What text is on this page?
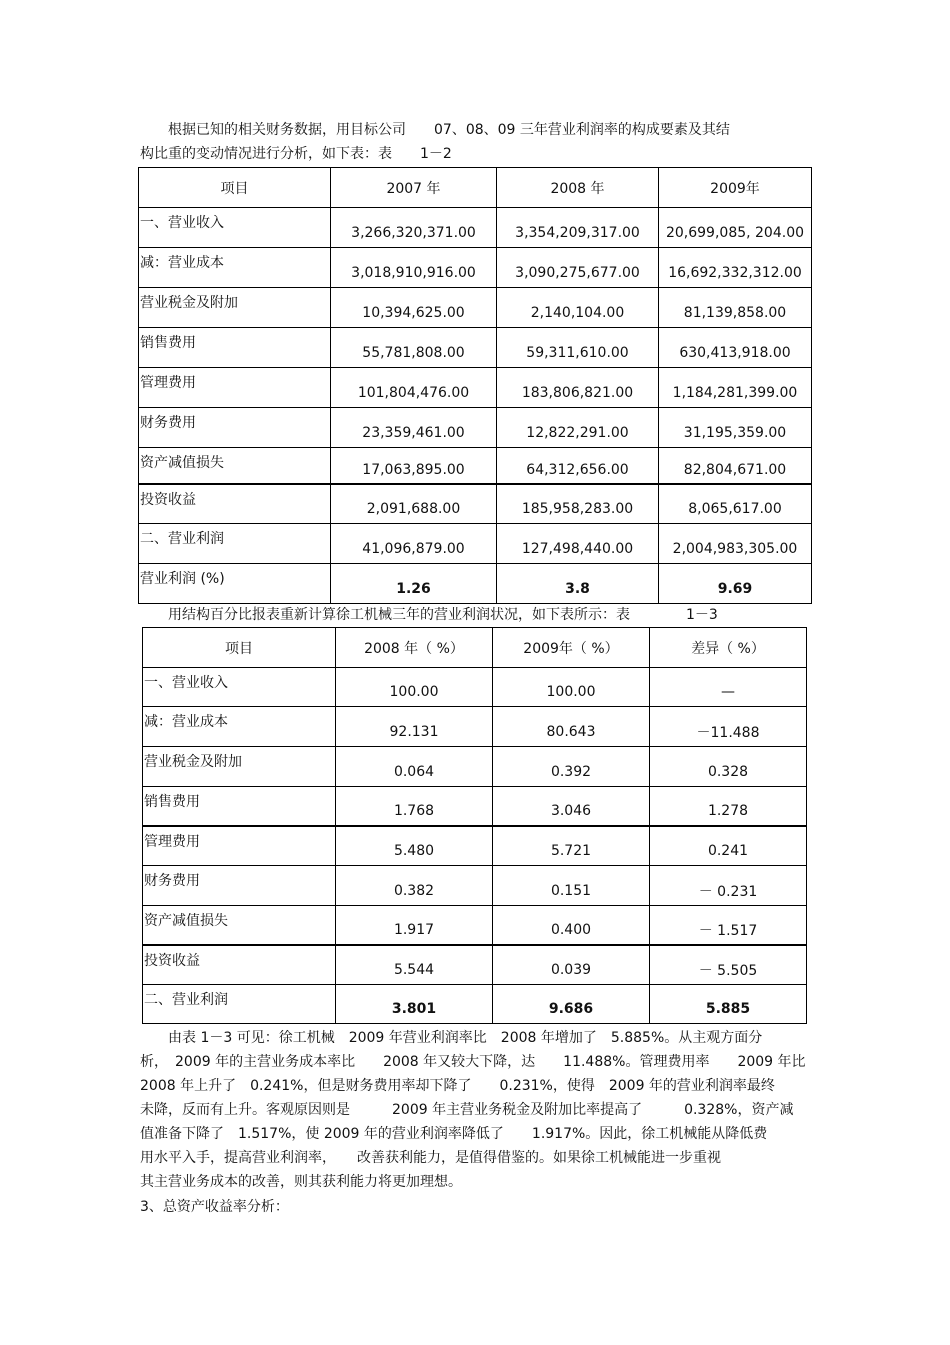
根据已知的相关财务数据，用目标公司　　07、08、09 三年营业利润率的构成要素及其结

构比重的变动情况进行分析，如下表：表　　1－2

项目	2007 年	2008 年	2009年
一、营业收入	3,266,320,371.00	3,354,209,317.00	20,699,085, 204.00
减：营业成本	3,018,910,916.00	3,090,275,677.00	16,692,332,312.00
营业税金及附加	10,394,625.00	2,140,104.00	81,139,858.00
销售费用	55,781,808.00	59,311,610.00	630,413,918.00
管理费用	101,804,476.00	183,806,821.00	1,184,281,399.00
财务费用	23,359,461.00	12,822,291.00	31,195,359.00
资产减值损失	17,063,895.00	64,312,656.00	82,804,671.00
投资收益	2,091,688.00	185,958,283.00	8,065,617.00
二、营业利润	41,096,879.00	127,498,440.00	2,004,983,305.00
营业利润 (%)	1.26	3.8	9.69

用结构百分比报表重新计算徐工机械三年的营业利润状况，如下表所示：表　　　　1－3

项目	2008 年（ %）	2009年（ %）	差异（ %）
一、营业收入	100.00	100.00	—
减：营业成本	92.131	80.643	－11.488
营业税金及附加	0.064	0.392	0.328
销售费用	1.768	3.046	1.278
管理费用	5.480	5.721	0.241
财务费用	0.382	0.151	－ 0.231
资产减值损失	1.917	0.400	－ 1.517
投资收益	5.544	0.039	－ 5.505
二、营业利润	3.801	9.686	5.885

由表 1－3 可见：徐工机械　2009 年营业利润率比　2008 年增加了　5.885%。从主观方面分

析，　2009 年的主营业务成本率比　　2008 年又较大下降，达　　11.488%。管理费用率　　2009 年比

2008 年上升了　0.241%，但是财务费用率却下降了　　0.231%，使得　2009 年的营业利润率最终

未降，反而有上升。客观原因则是　　　2009 年主营业务税金及附加比率提高了　　　0.328%，资产减

值准备下降了　1.517%，使 2009 年的营业利润率降低了　　1.917%。因此，徐工机械能从降低费

用水平入手，提高营业利润率，　　改善获利能力，是值得借鉴的。如果徐工机械能进一步重视

其主营业务成本的改善，则其获利能力将更加理想。

3、总资产收益率分析：
